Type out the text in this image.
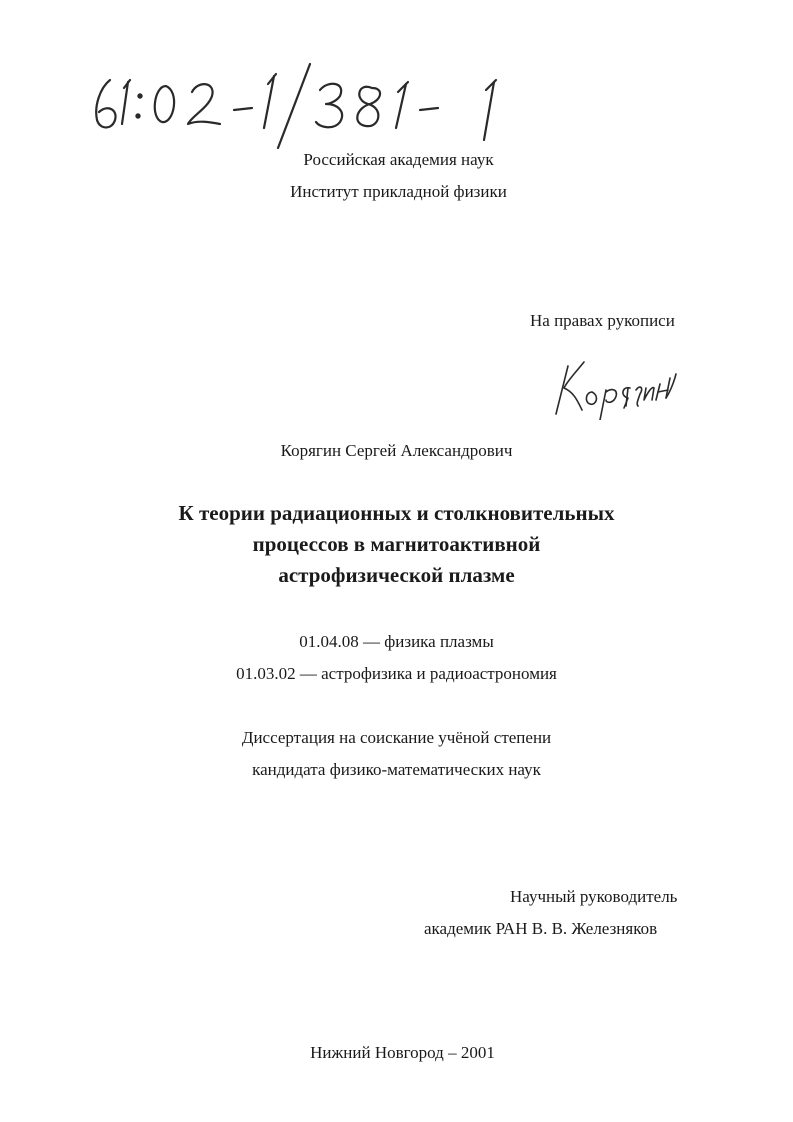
Российская академия наук
Институт прикладной физики
На правах рукописи
Корягин Сергей Александрович
К теории радиационных и столкновительных
процессов в магнитоактивной
астрофизической плазме
01.04.08 — физика плазмы
01.03.02 — астрофизика и радиоастрономия
Диссертация на соискание учёной степени
кандидата физико-математических наук
Научный руководитель
академик РАН В. В. Железняков
Нижний Новгород – 2001
